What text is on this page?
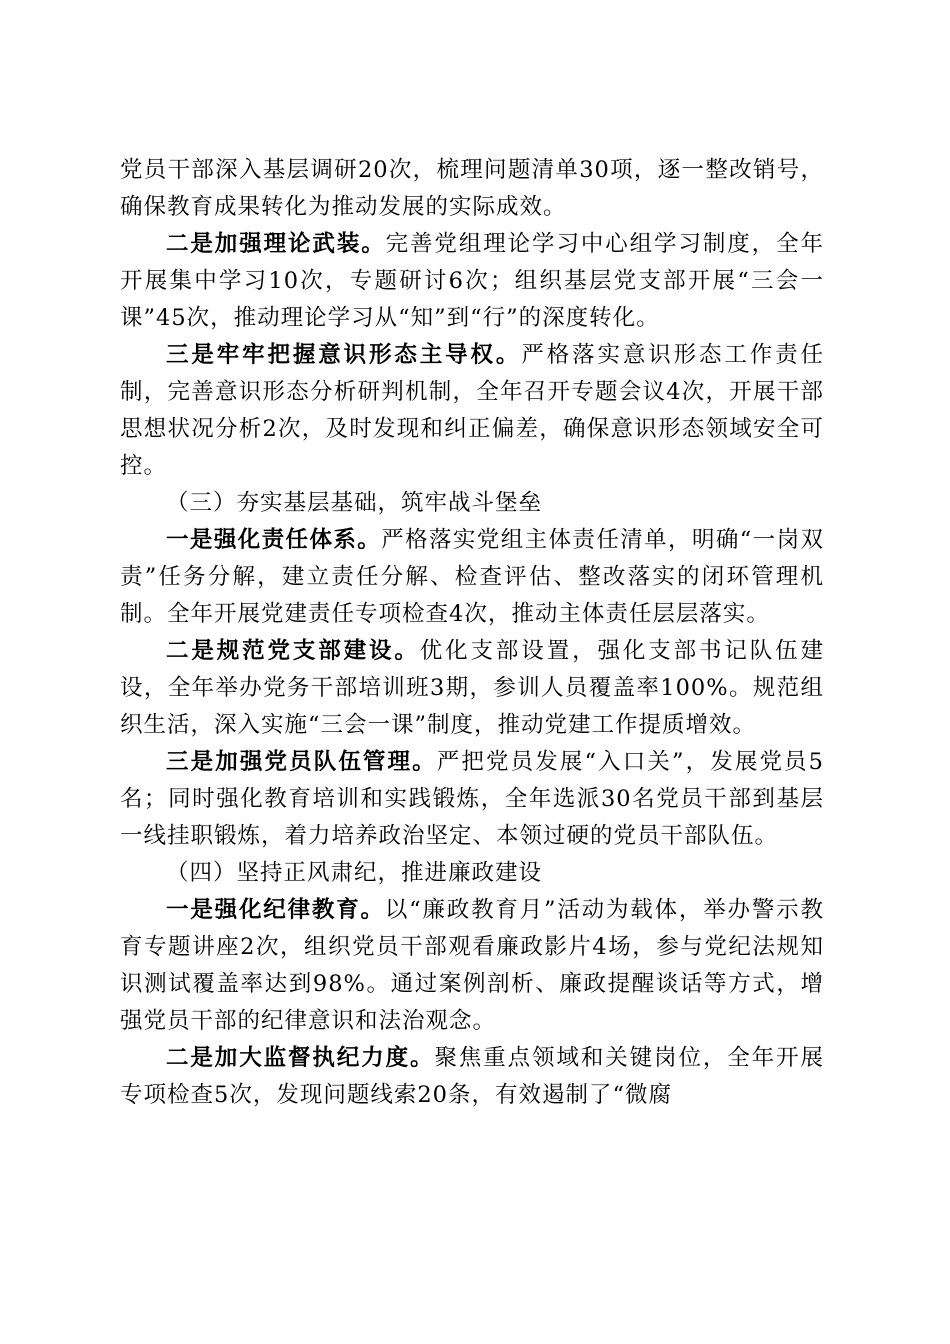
党员干部深入基层调研20次，梳理问题清单30项，逐一整改销号，确保教育成果转化为推动发展的实际成效。

二是加强理论武装。完善党组理论学习中心组学习制度，全年开展集中学习10次，专题研讨6次；组织基层党支部开展“三会一课”45次，推动理论学习从“知”到“行”的深度转化。

三是牢牢把握意识形态主导权。严格落实意识形态工作责任制，完善意识形态分析研判机制，全年召开专题会议4次，开展干部思想状况分析2次，及时发现和纠正偏差，确保意识形态领域安全可控。

（三）夯实基层基础，筑牢战斗堡垒

一是强化责任体系。严格落实党组主体责任清单，明确“一岗双责”任务分解，建立责任分解、检查评估、整改落实的闭环管理机制。全年开展党建责任专项检查4次，推动主体责任层层落实。

二是规范党支部建设。优化支部设置，强化支部书记队伍建设，全年举办党务干部培训班3期，参训人员覆盖率100%。规范组织生活，深入实施“三会一课”制度，推动党建工作提质增效。

三是加强党员队伍管理。严把党员发展“入口关”，发展党员5名；同时强化教育培训和实践锻炼，全年选派30名党员干部到基层一线挂职锻炼，着力培养政治坚定、本领过硬的党员干部队伍。

（四）坚持正风肃纪，推进廉政建设

一是强化纪律教育。以“廉政教育月”活动为载体，举办警示教育专题讲座2次，组织党员干部观看廉政影片4场，参与党纪法规知识测试覆盖率达到98%。通过案例剖析、廉政提醒谈话等方式，增强党员干部的纪律意识和法治观念。

二是加大监督执纪力度。聚焦重点领域和关键岗位，全年开展专项检查5次，发现问题线索20条，有效遏制了“微腐
